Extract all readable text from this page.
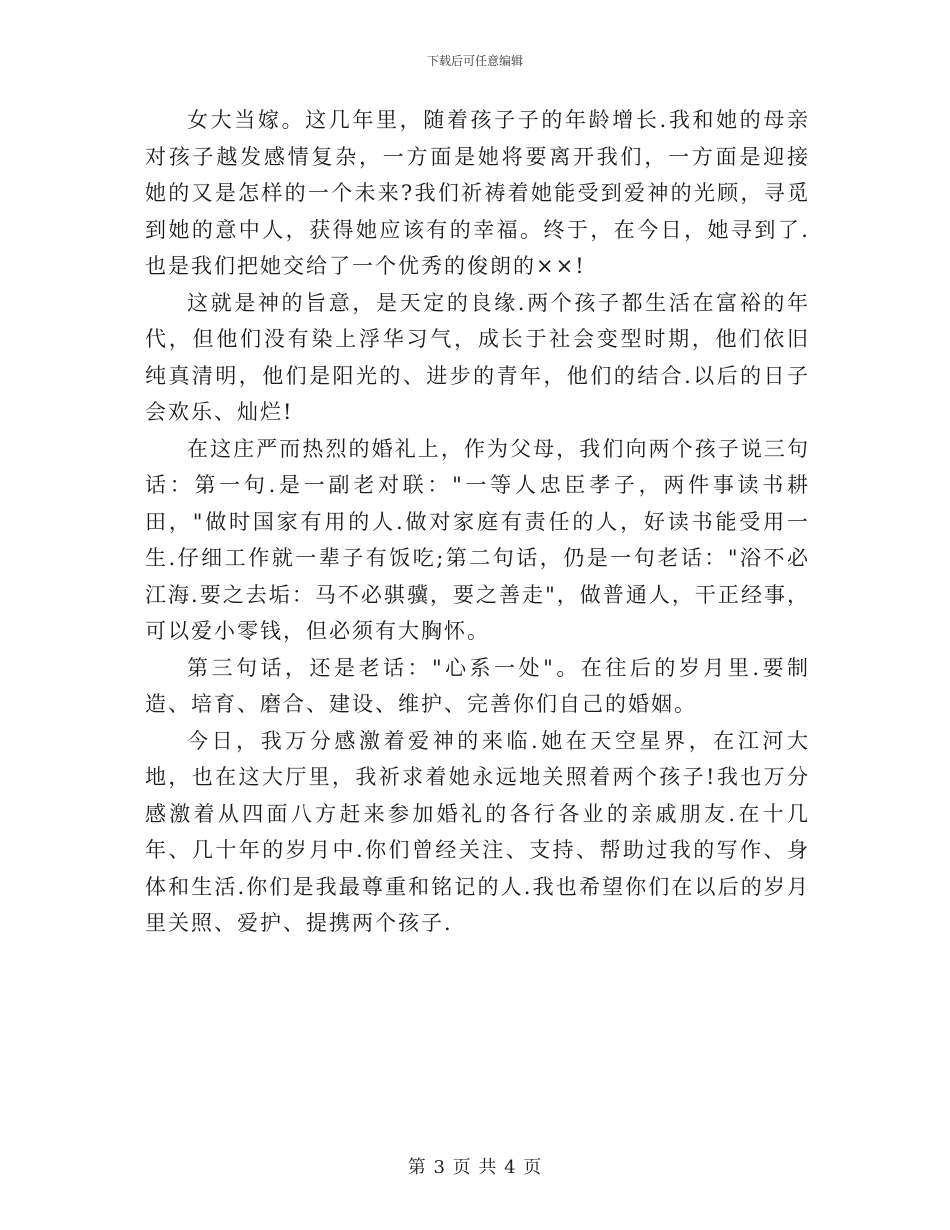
下载后可任意编辑

女大当嫁。这几年里，随着孩子子的年龄增长.我和她的母亲对孩子越发感情复杂，一方面是她将要离开我们，一方面是迎接她的又是怎样的一个未来?我们祈祷着她能受到爱神的光顾，寻觅到她的意中人，获得她应该有的幸福。终于，在今日，她寻到了.也是我们把她交给了一个优秀的俊朗的××!

这就是神的旨意，是天定的良缘.两个孩子都生活在富裕的年代，但他们没有染上浮华习气，成长于社会变型时期，他们依旧纯真清明，他们是阳光的、进步的青年，他们的结合.以后的日子会欢乐、灿烂!

在这庄严而热烈的婚礼上，作为父母，我们向两个孩子说三句话：第一句.是一副老对联："一等人忠臣孝子，两件事读书耕田，"做时国家有用的人.做对家庭有责任的人，好读书能受用一生.仔细工作就一辈子有饭吃;第二句话，仍是一句老话："浴不必江海.要之去垢：马不必骐骥，要之善走"，做普通人，干正经事，可以爱小零钱，但必须有大胸怀。

第三句话，还是老话："心系一处"。在往后的岁月里.要制造、培育、磨合、建设、维护、完善你们自己的婚姻。

今日，我万分感激着爱神的来临.她在天空星界，在江河大地，也在这大厅里，我祈求着她永远地关照着两个孩子!我也万分感激着从四面八方赶来参加婚礼的各行各业的亲戚朋友.在十几年、几十年的岁月中.你们曾经关注、支持、帮助过我的写作、身体和生活.你们是我最尊重和铭记的人.我也希望你们在以后的岁月里关照、爱护、提携两个孩子.

第 3 页 共 4 页
